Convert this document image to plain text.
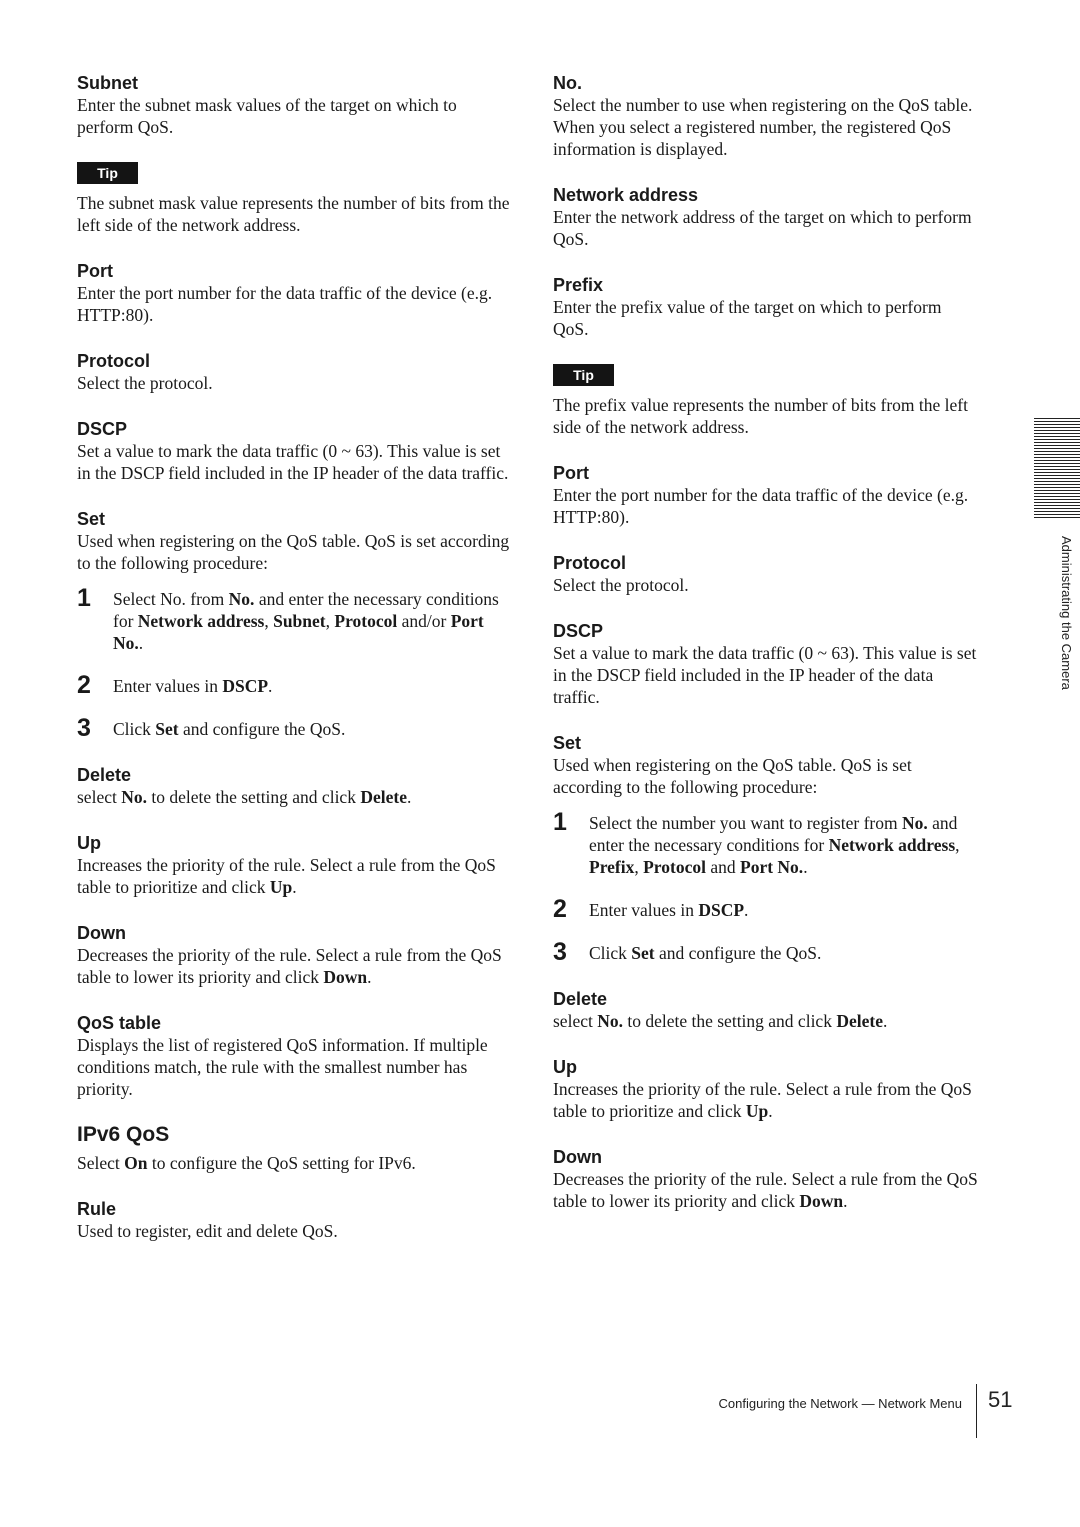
Subnet
Enter the subnet mask values of the target on which to perform QoS.
Tip
The subnet mask value represents the number of bits from the left side of the network address.
Port
Enter the port number for the data traffic of the device (e.g. HTTP:80).
Protocol
Select the protocol.
DSCP
Set a value to mark the data traffic (0 ~ 63). This value is set in the DSCP field included in the IP header of the data traffic.
Set
Used when registering on the QoS table. QoS is set according to the following procedure:
1 Select No. from No. and enter the necessary conditions for Network address, Subnet, Protocol and/or Port No..
2 Enter values in DSCP.
3 Click Set and configure the QoS.
Delete
select No. to delete the setting and click Delete.
Up
Increases the priority of the rule. Select a rule from the QoS table to prioritize and click Up.
Down
Decreases the priority of the rule. Select a rule from the QoS table to lower its priority and click Down.
QoS table
Displays the list of registered QoS information. If multiple conditions match, the rule with the smallest number has priority.
IPv6 QoS
Select On to configure the QoS setting for IPv6.
Rule
Used to register, edit and delete QoS.
No.
Select the number to use when registering on the QoS table. When you select a registered number, the registered QoS information is displayed.
Network address
Enter the network address of the target on which to perform QoS.
Prefix
Enter the prefix value of the target on which to perform QoS.
Tip
The prefix value represents the number of bits from the left side of the network address.
Port
Enter the port number for the data traffic of the device (e.g. HTTP:80).
Protocol
Select the protocol.
DSCP
Set a value to mark the data traffic (0 ~ 63). This value is set in the DSCP field included in the IP header of the data traffic.
Set
Used when registering on the QoS table. QoS is set according to the following procedure:
1 Select the number you want to register from No. and enter the necessary conditions for Network address, Prefix, Protocol and Port No..
2 Enter values in DSCP.
3 Click Set and configure the QoS.
Delete
select No. to delete the setting and click Delete.
Up
Increases the priority of the rule. Select a rule from the QoS table to prioritize and click Up.
Down
Decreases the priority of the rule. Select a rule from the QoS table to lower its priority and click Down.
Administrating the Camera
Configuring the Network — Network Menu 51
